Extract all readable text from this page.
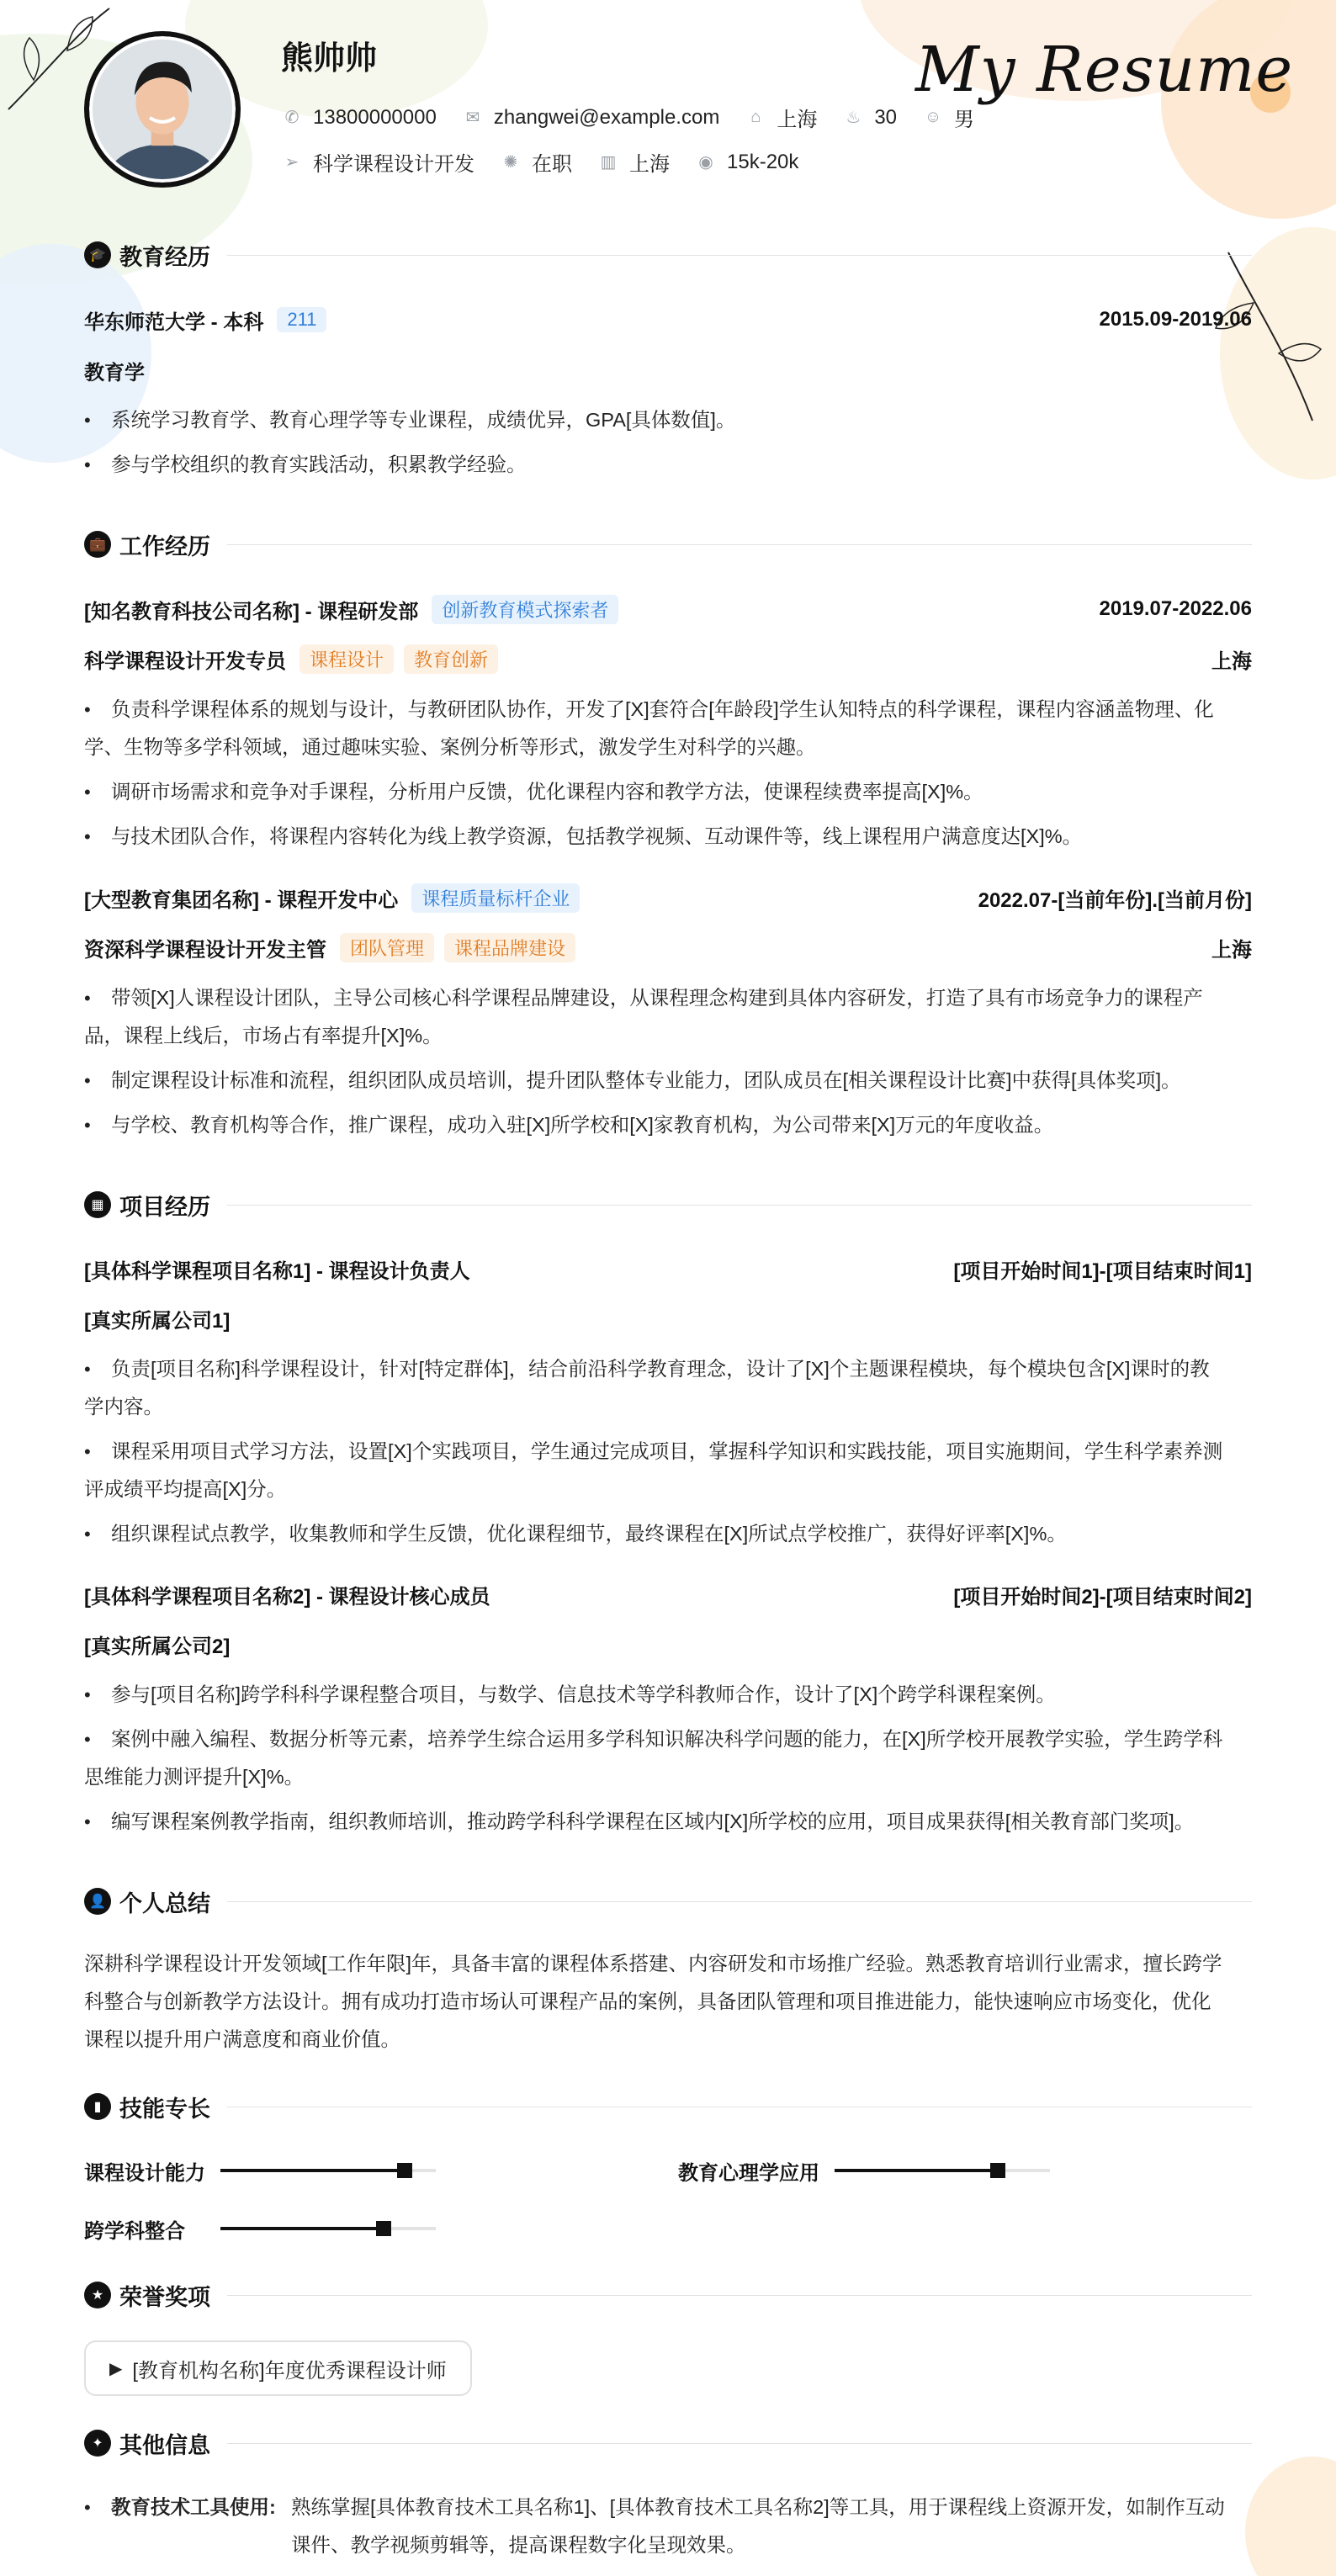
熊帅帅	My Resume
✆ 13800000000 ✉ zhangwei@example.com	⌂ 上海 ♨ 30 ☺ 男
➢ 科学课程设计开发 ✺ 在职 ▥ 上海 ◉ 15k-20k
🎓 教育经历
华东师范大学 - 本科	211	2015.09-2019.06
教育学
•	系统学习教育学、教育心理学等专业课程，成绩优异，GPA[具体数值]。
•	参与学校组织的教育实践活动，积累教学经验。
💼 工作经历
[知名教育科技公司名称] - 课程研发部	创新教育模式探索者	2019.07-2022.06
科学课程设计开发专员	课程设计	教育创新	上海
•	负责科学课程体系的规划与设计，与教研团队协作，开发了[X]套符合[年龄段]学生认知特点的科学课程，课程内容涵盖物理、化
学、生物等多学科领域，通过趣味实验、案例分析等形式，激发学生对科学的兴趣。
•	调研市场需求和竞争对手课程，分析用户反馈，优化课程内容和教学方法，使课程续费率提高[X]%。
•	与技术团队合作，将课程内容转化为线上教学资源，包括教学视频、互动课件等，线上课程用户满意度达[X]%。
[大型教育集团名称] - 课程开发中心	课程质量标杆企业	2022.07-[当前年份].[当前月份]
资深科学课程设计开发主管	团队管理	课程品牌建设	上海
•	带领[X]人课程设计团队，主导公司核心科学课程品牌建设，从课程理念构建到具体内容研发，打造了具有市场竞争力的课程产
品，课程上线后，市场占有率提升[X]%。
•	制定课程设计标准和流程，组织团队成员培训，提升团队整体专业能力，团队成员在[相关课程设计比赛]中获得[具体奖项]。
•	与学校、教育机构等合作，推广课程，成功入驻[X]所学校和[X]家教育机构，为公司带来[X]万元的年度收益。
▦ 项目经历
[具体科学课程项目名称1] - 课程设计负责人	[项目开始时间1]-[项目结束时间1]
[真实所属公司1]
•	负责[项目名称]科学课程设计，针对[特定群体]，结合前沿科学教育理念，设计了[X]个主题课程模块，每个模块包含[X]课时的教
学内容。
•	课程采用项目式学习方法，设置[X]个实践项目，学生通过完成项目，掌握科学知识和实践技能，项目实施期间，学生科学素养测
评成绩平均提高[X]分。
•	组织课程试点教学，收集教师和学生反馈，优化课程细节，最终课程在[X]所试点学校推广，获得好评率[X]%。
[具体科学课程项目名称2] - 课程设计核心成员	[项目开始时间2]-[项目结束时间2]
[真实所属公司2]
•	参与[项目名称]跨学科科学课程整合项目，与数学、信息技术等学科教师合作，设计了[X]个跨学科课程案例。
•	案例中融入编程、数据分析等元素，培养学生综合运用多学科知识解决科学问题的能力，在[X]所学校开展教学实验，学生跨学科
思维能力测评提升[X]%。
•	编写课程案例教学指南，组织教师培训，推动跨学科科学课程在区域内[X]所学校的应用，项目成果获得[相关教育部门奖项]。
👤 个人总结
深耕科学课程设计开发领域[工作年限]年，具备丰富的课程体系搭建、内容研发和市场推广经验。熟悉教育培训行业需求，擅长跨学
科整合与创新教学方法设计。拥有成功打造市场认可课程产品的案例，具备团队管理和项目推进能力，能快速响应市场变化，优化
课程以提升用户满意度和商业价值。
▮ 技能专长
课程设计能力	教育心理学应用
跨学科整合
★ 荣誉奖项
▶ [教育机构名称]年度优秀课程设计师
✦ 其他信息
•	教育技术工具使用: 熟练掌握[具体教育技术工具名称1]、[具体教育技术工具名称2]等工具，用于课程线上资源开发，如制作互动
课件、教学视频剪辑等，提高课程数字化呈现效果。
